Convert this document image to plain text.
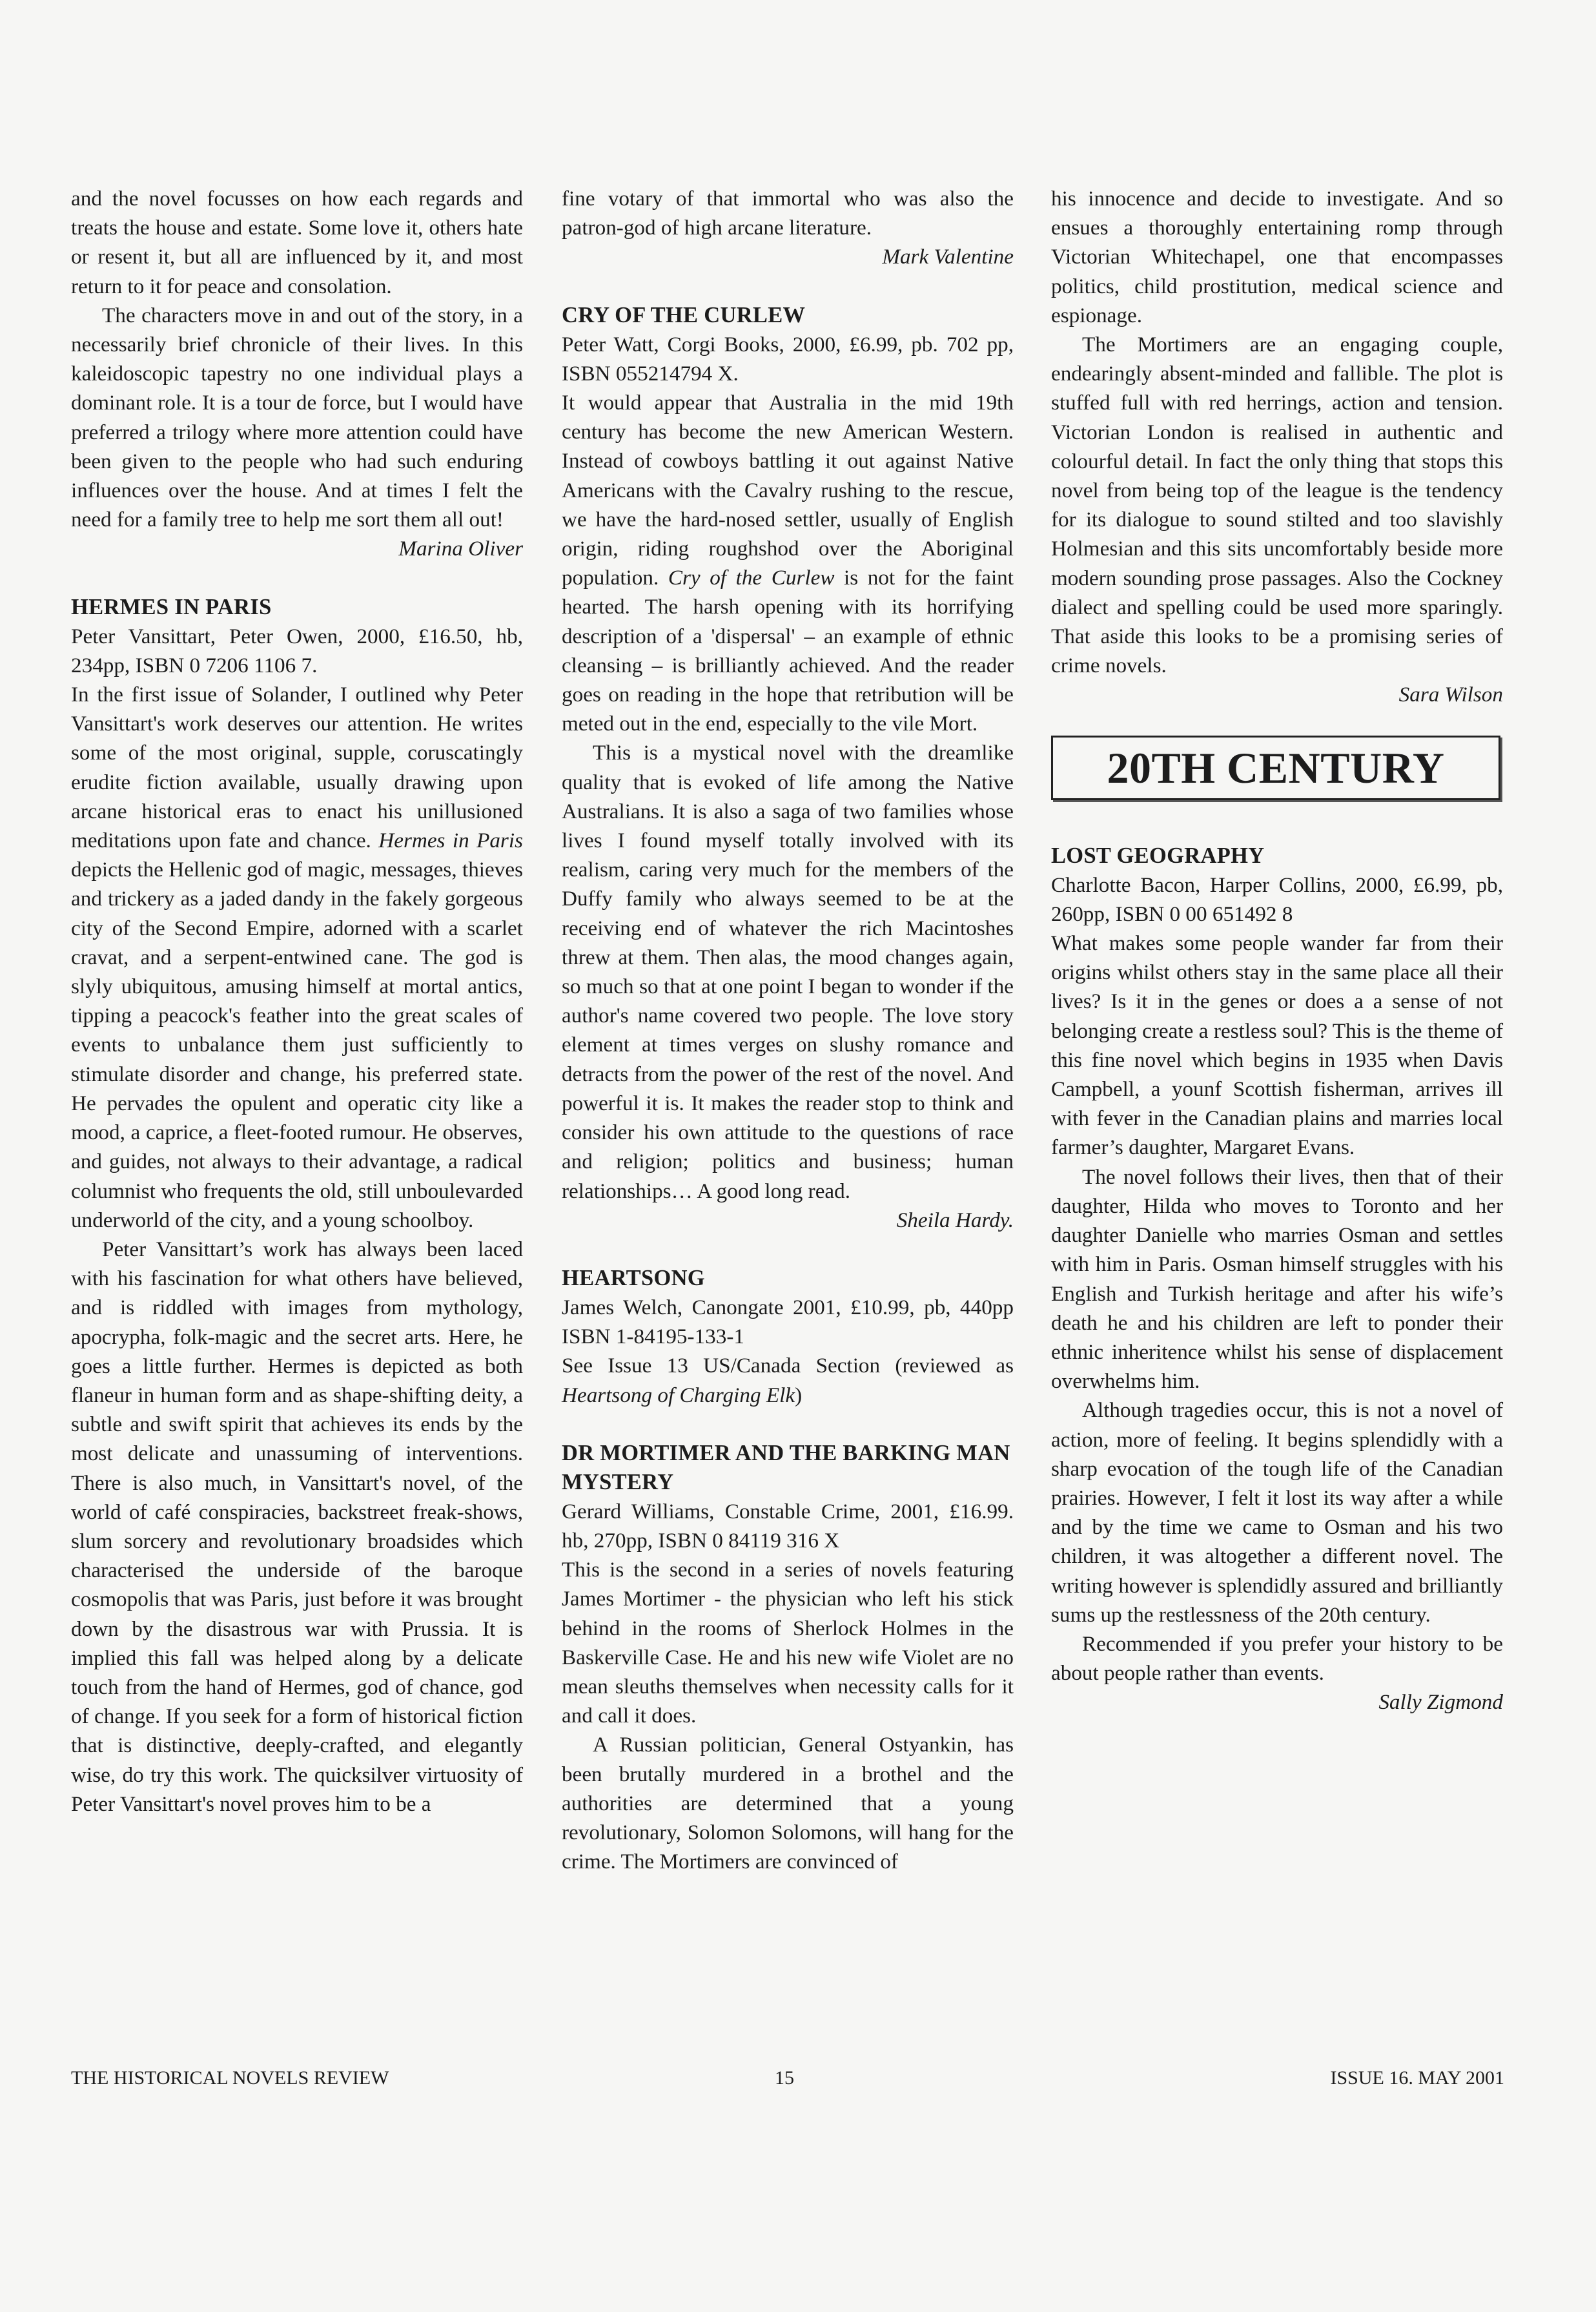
and the novel focusses on how each regards and treats the house and estate. Some love it, others hate or resent it, but all are influenced by it, and most return to it for peace and consolation.

The characters move in and out of the story, in a necessarily brief chronicle of their lives. In this kaleidoscopic tapestry no one individual plays a dominant role. It is a tour de force, but I would have preferred a trilogy where more attention could have been given to the people who had such enduring influences over the house. And at times I felt the need for a family tree to help me sort them all out!

Marina Oliver

HERMES IN PARIS

Peter Vansittart, Peter Owen, 2000, £16.50, hb, 234pp, ISBN 0 7206 1106 7.

In the first issue of Solander, I outlined why Peter Vansittart's work deserves our attention. He writes some of the most original, supple, coruscatingly erudite fiction available, usually drawing upon arcane historical eras to enact his unillusioned meditations upon fate and chance. Hermes in Paris depicts the Hellenic god of magic, messages, thieves and trickery as a jaded dandy in the fakely gorgeous city of the Second Empire, adorned with a scarlet cravat, and a serpent-entwined cane. The god is slyly ubiquitous, amusing himself at mortal antics, tipping a peacock's feather into the great scales of events to unbalance them just sufficiently to stimulate disorder and change, his preferred state. He pervades the opulent and operatic city like a mood, a caprice, a fleet-footed rumour. He observes, and guides, not always to their advantage, a radical columnist who frequents the old, still unboulevarded underworld of the city, and a young schoolboy.

Peter Vansittart’s work has always been laced with his fascination for what others have believed, and is riddled with images from mythology, apocrypha, folk-magic and the secret arts. Here, he goes a little further. Hermes is depicted as both flaneur in human form and as shape-shifting deity, a subtle and swift spirit that achieves its ends by the most delicate and unassuming of interventions. There is also much, in Vansittart's novel, of the world of café conspiracies, backstreet freak-shows, slum sorcery and revolutionary broadsides which characterised the underside of the baroque cosmopolis that was Paris, just before it was brought down by the disastrous war with Prussia. It is implied this fall was helped along by a delicate touch from the hand of Hermes, god of chance, god of change. If you seek for a form of historical fiction that is distinctive, deeply-crafted, and elegantly wise, do try this work. The quicksilver virtuosity of Peter Vansittart's novel proves him to be a

fine votary of that immortal who was also the patron-god of high arcane literature.

Mark Valentine

CRY OF THE CURLEW

Peter Watt, Corgi Books, 2000, £6.99, pb. 702 pp, ISBN 055214794 X.

It would appear that Australia in the mid 19th century has become the new American Western. Instead of cowboys battling it out against Native Americans with the Cavalry rushing to the rescue, we have the hard-nosed settler, usually of English origin, riding roughshod over the Aboriginal population. Cry of the Curlew is not for the faint hearted. The harsh opening with its horrifying description of a 'dispersal' – an example of ethnic cleansing – is brilliantly achieved. And the reader goes on reading in the hope that retribution will be meted out in the end, especially to the vile Mort.

This is a mystical novel with the dreamlike quality that is evoked of life among the Native Australians. It is also a saga of two families whose lives I found myself totally involved with its realism, caring very much for the members of the Duffy family who always seemed to be at the receiving end of whatever the rich Macintoshes threw at them. Then alas, the mood changes again, so much so that at one point I began to wonder if the author's name covered two people. The love story element at times verges on slushy romance and detracts from the power of the rest of the novel. And powerful it is. It makes the reader stop to think and consider his own attitude to the questions of race and religion; politics and business; human relationships… A good long read.

Sheila Hardy.

HEARTSONG

James Welch, Canongate 2001, £10.99, pb, 440pp ISBN 1-84195-133-1

See Issue 13 US/Canada Section (reviewed as Heartsong of Charging Elk)

DR MORTIMER AND THE BARKING MAN MYSTERY

Gerard Williams, Constable Crime, 2001, £16.99. hb, 270pp, ISBN 0 84119 316 X

This is the second in a series of novels featuring James Mortimer - the physician who left his stick behind in the rooms of Sherlock Holmes in the Baskerville Case. He and his new wife Violet are no mean sleuths themselves when necessity calls for it and call it does.

A Russian politician, General Ostyankin, has been brutally murdered in a brothel and the authorities are determined that a young revolutionary, Solomon Solomons, will hang for the crime. The Mortimers are convinced of

his innocence and decide to investigate. And so ensues a thoroughly entertaining romp through Victorian Whitechapel, one that encompasses politics, child prostitution, medical science and espionage.

The Mortimers are an engaging couple, endearingly absent-minded and fallible. The plot is stuffed full with red herrings, action and tension. Victorian London is realised in authentic and colourful detail. In fact the only thing that stops this novel from being top of the league is the tendency for its dialogue to sound stilted and too slavishly Holmesian and this sits uncomfortably beside more modern sounding prose passages. Also the Cockney dialect and spelling could be used more sparingly. That aside this looks to be a promising series of crime novels.

Sara Wilson

20TH CENTURY

LOST GEOGRAPHY

Charlotte Bacon, Harper Collins, 2000, £6.99, pb, 260pp, ISBN 0 00 651492 8

What makes some people wander far from their origins whilst others stay in the same place all their lives? Is it in the genes or does a a sense of not belonging create a restless soul? This is the theme of this fine novel which begins in 1935 when Davis Campbell, a younf Scottish fisherman, arrives ill with fever in the Canadian plains and marries local farmer’s daughter, Margaret Evans.

The novel follows their lives, then that of their daughter, Hilda who moves to Toronto and her daughter Danielle who marries Osman and settles with him in Paris. Osman himself struggles with his English and Turkish heritage and after his wife’s death he and his children are left to ponder their ethnic inheritence whilst his sense of displacement overwhelms him.

Although tragedies occur, this is not a novel of action, more of feeling. It begins splendidly with a sharp evocation of the tough life of the Canadian prairies. However, I felt it lost its way after a while and by the time we came to Osman and his two children, it was altogether a different novel. The writing however is splendidly assured and brilliantly sums up the restlessness of the 20th century.

Recommended if you prefer your history to be about people rather than events.

Sally Zigmond

THE HISTORICAL NOVELS REVIEW	15	ISSUE 16. MAY 2001
